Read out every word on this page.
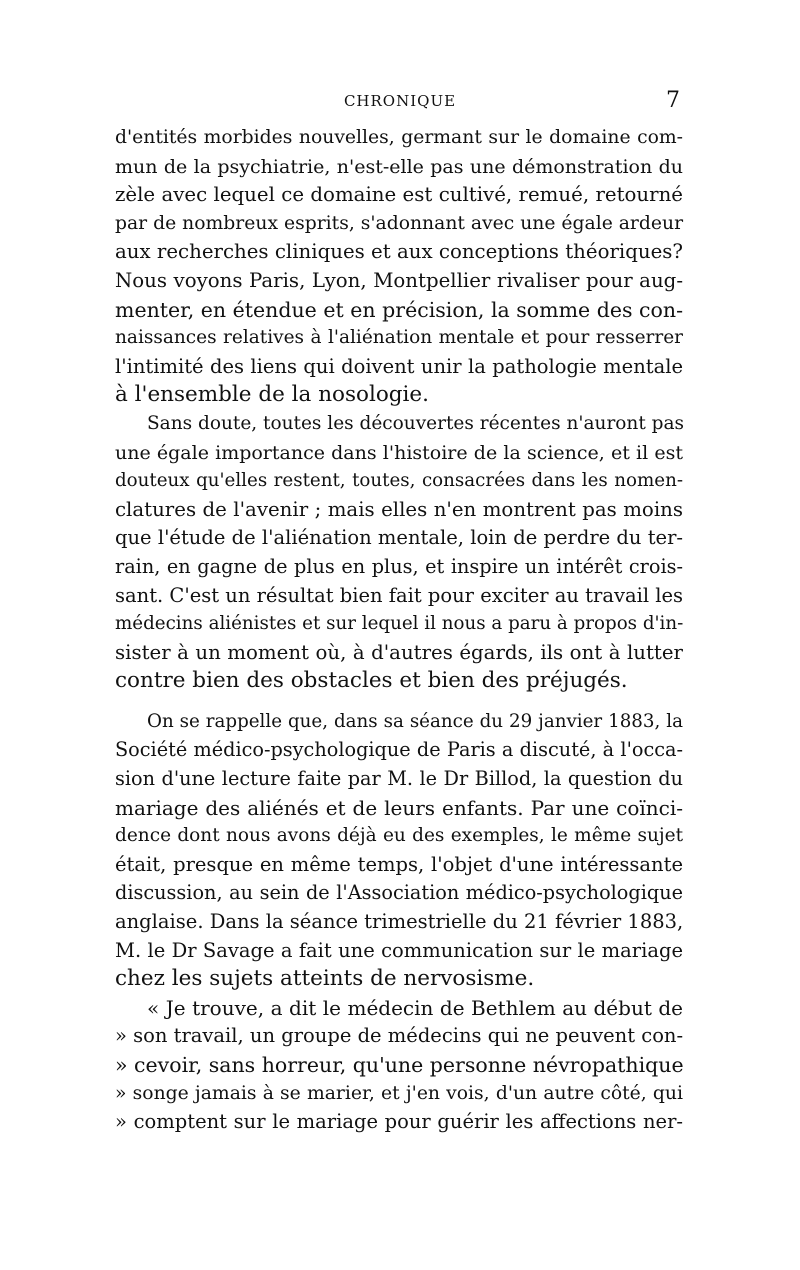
CHRONIQUE	7

d'entités morbides nouvelles, germant sur le domaine com-
mun de la psychiatrie, n'est-elle pas une démonstration du
zèle avec lequel ce domaine est cultivé, remué, retourné
par de nombreux esprits, s'adonnant avec une égale ardeur
aux recherches cliniques et aux conceptions théoriques?
Nous voyons Paris, Lyon, Montpellier rivaliser pour aug-
menter, en étendue et en précision, la somme des con-
naissances relatives à l'aliénation mentale et pour resserrer
l'intimité des liens qui doivent unir la pathologie mentale
à l'ensemble de la nosologie.

Sans doute, toutes les découvertes récentes n'auront pas
une égale importance dans l'histoire de la science, et il est
douteux qu'elles restent, toutes, consacrées dans les nomen-
clatures de l'avenir ; mais elles n'en montrent pas moins
que l'étude de l'aliénation mentale, loin de perdre du ter-
rain, en gagne de plus en plus, et inspire un intérêt crois-
sant. C'est un résultat bien fait pour exciter au travail les
médecins aliénistes et sur lequel il nous a paru à propos d'in-
sister à un moment où, à d'autres égards, ils ont à lutter
contre bien des obstacles et bien des préjugés.

On se rappelle que, dans sa séance du 29 janvier 1883, la
Société médico-psychologique de Paris a discuté, à l'occa-
sion d'une lecture faite par M. le Dr Billod, la question du
mariage des aliénés et de leurs enfants. Par une coïnci-
dence dont nous avons déjà eu des exemples, le même sujet
était, presque en même temps, l'objet d'une intéressante
discussion, au sein de l'Association médico-psychologique
anglaise. Dans la séance trimestrielle du 21 février 1883,
M. le Dr Savage a fait une communication sur le mariage
chez les sujets atteints de nervosisme.

« Je trouve, a dit le médecin de Bethlem au début de
» son travail, un groupe de médecins qui ne peuvent con-
» cevoir, sans horreur, qu'une personne névropathique
» songe jamais à se marier, et j'en vois, d'un autre côté, qui
» comptent sur le mariage pour guérir les affections ner-
